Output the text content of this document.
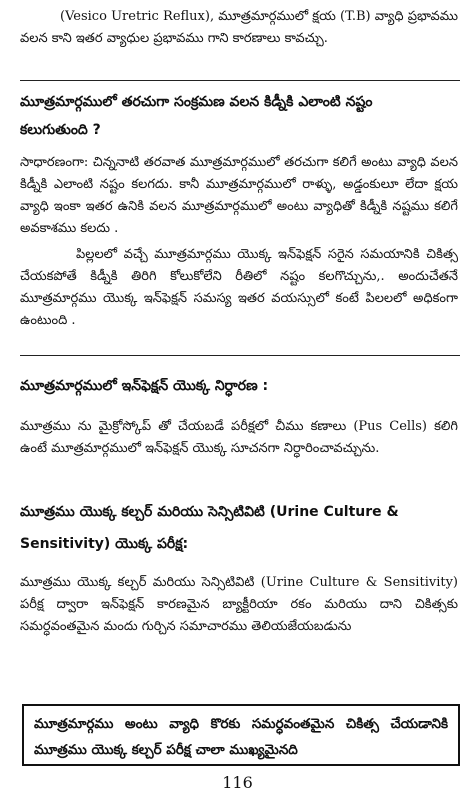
(Vesico Uretric Reflux), మూత్రమార్గములో క్షయ (T.B) వ్యాధి ప్రభావము వలన కాని ఇతర వ్యాధుల ప్రభావము గాని కారణాలు కావచ్చు.

మూత్రమార్గములో తరచుగా సంక్రమణ వలన కిడ్నీకి ఎలాంటి నష్టం
కలుగుతుంది ?

సాధారణంగా: చిన్ననాటి తరవాత మూత్రమార్గములో తరచుగా కలిగే అంటు వ్యాధి వలన కిడ్నీకి ఎలాంటి నష్టం కలగదు. కానీ మూత్రమార్గములో రాళ్ళు, అడ్డంకులూ లేదా క్షయ వ్యాధి ఇంకా ఇతర ఉనికి వలన మూత్రమార్గములో అంటు వ్యాధితో కిడ్నీకి నష్టము కలిగే అవకాశము కలదు .

పిల్లలలో వచ్చే మూత్రమార్గము యొక్క ఇన్‌ఫెక్షన్ సరైన సమయానికి చికిత్స చేయకపోతే కిడ్నీకి తిరిగి కోలుకోలేని రీతిలో నష్టం కలగొచ్చును,. అందుచేతనే మూత్రమార్గము యొక్క ఇన్‌ఫెక్షన్ సమస్య ఇతర వయస్సులో కంటే పిలలలో అధికంగా ఉంటుంది .

మూత్రమార్గములో ఇన్‌ఫెక్షన్ యొక్క నిర్ధారణ :

మూత్రము ను మైక్రోస్కోప్ తో చేయబడే పరీక్షలో చీము కణాలు (Pus Cells) కలిగి ఉంటే మూత్రమార్గములో ఇన్‌ఫెక్షన్ యొక్క సూచనగా నిర్ధారించావచ్చును.

మూత్రము యొక్క కల్చర్ మరియు సెన్సిటివిటి (Urine Culture &
Sensitivity) యొక్క పరీక్ష:

మూత్రము యొక్క కల్చర్ మరియు సెన్సిటివిటి (Urine Culture & Sensitivity) పరీక్ష ద్వారా ఇన్‌ఫెక్షన్ కారణమైన బ్యాక్టీరియా రకం మరియు దాని చికిత్సకు సమర్ధవంతమైన మందు గుర్చిన సమాచారము తెలియజేయబడును

మూత్రమార్గము అంటు వ్యాధి కొరకు సమర్ధవంతమైన చికిత్స చేయడానికి మూత్రము యొక్క కల్చర్ పరీక్ష చాలా ముఖ్యమైనది
116
